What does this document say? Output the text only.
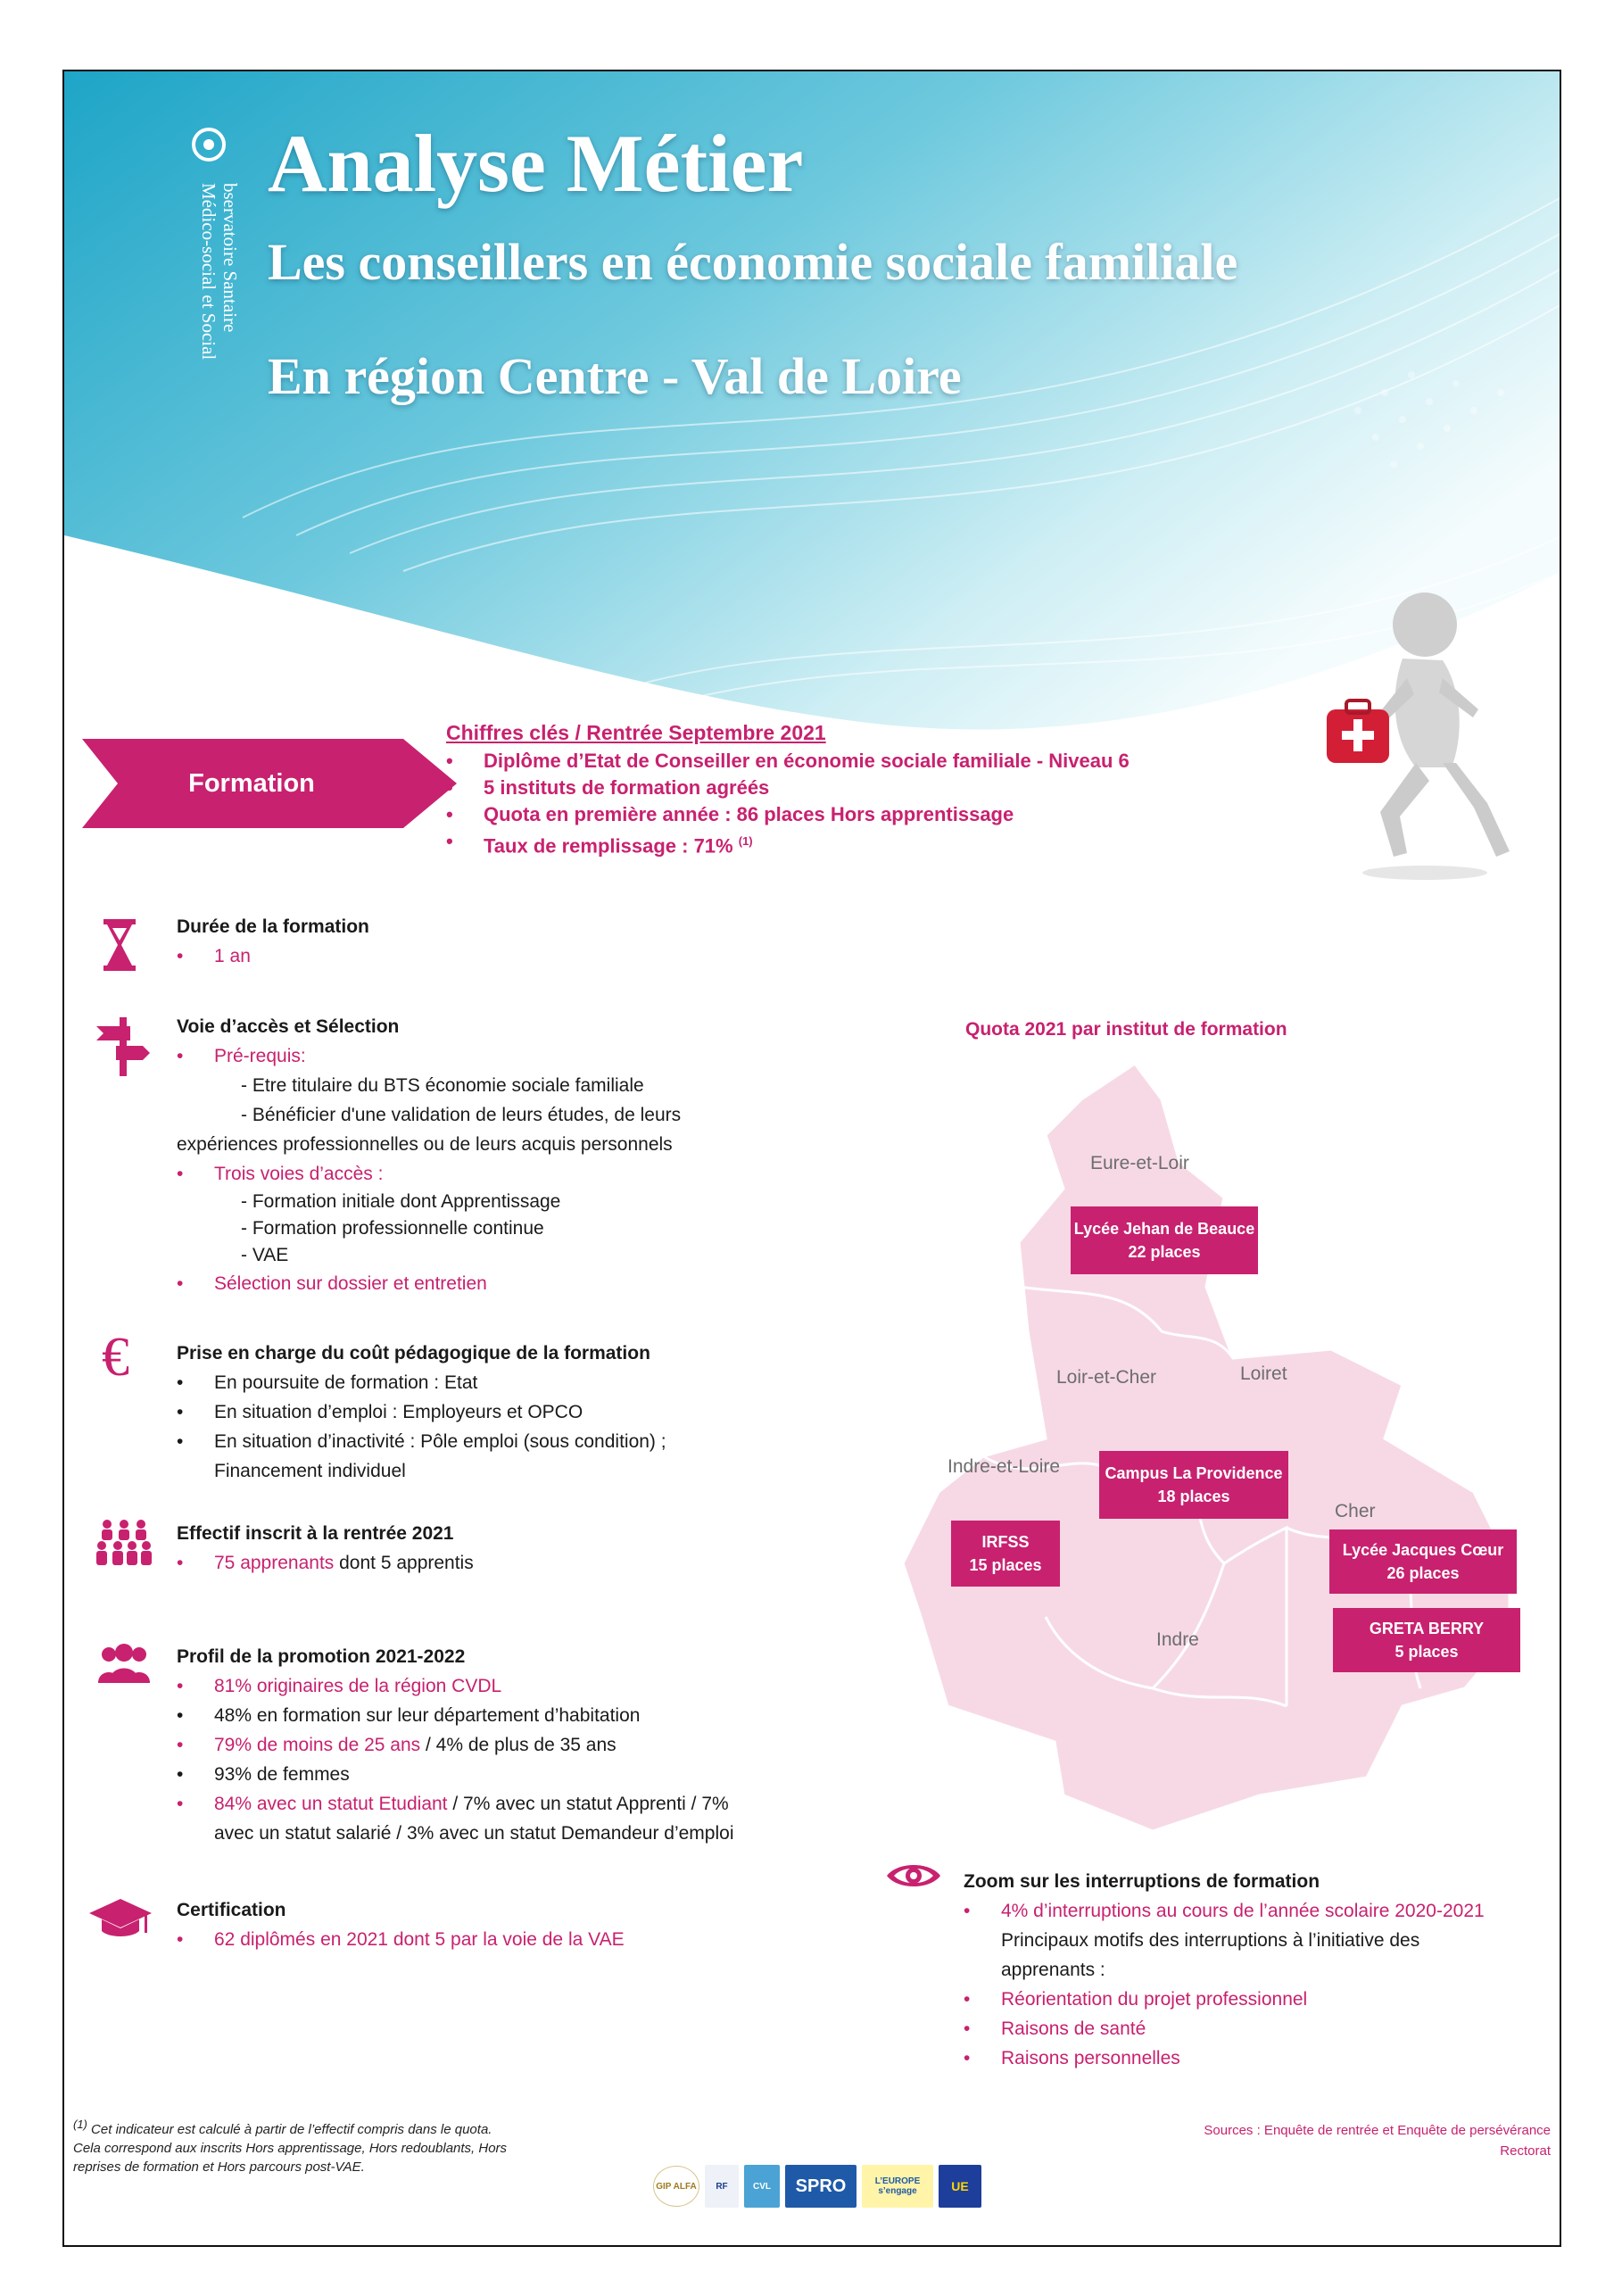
bservatoire Santaire
Médico-social et Social
Analyse Métier
Les conseillers en économie sociale familiale
En région Centre - Val de Loire
Formation
Chiffres clés / Rentrée Septembre 2021
• Diplôme d’Etat de Conseiller en économie sociale familiale - Niveau 6
• 5 instituts de formation agréés
• Quota en première année : 86 places Hors apprentissage
• Taux de remplissage : 71% $^{(1)}$
€
Durée de la formation
• 1 an
Voie d’accès et Sélection
• Pré-requis:
- Etre titulaire du BTS économie sociale familiale
- Bénéficier d'une validation de leurs études, de leurs
expériences professionnelles ou de leurs acquis personnels
• Trois voies d’accès :
- Formation initiale dont Apprentissage
- Formation professionnelle continue
- VAE
• Sélection sur dossier et entretien
Prise en charge du coût pédagogique de la formation
• En poursuite de formation : Etat
• En situation d’emploi : Employeurs et OPCO
• En situation d’inactivité : Pôle emploi (sous condition) ;
Financement individuel
Effectif inscrit à la rentrée 2021
• 75 apprenants dont 5 apprentis
Profil de la promotion 2021-2022
• 81% originaires de la région CVDL
• 48% en formation sur leur département d’habitation
• 79% de moins de 25 ans / 4% de plus de 35 ans
• 93% de femmes
• 84% avec un statut Etudiant / 7% avec un statut Apprenti / 7%
avec un statut salarié / 3% avec un statut Demandeur d’emploi
Certification
• 62 diplômés en 2021 dont 5 par la voie de la VAE
Quota 2021 par institut de formation
Eure-et-Loir
Loir-et-Cher	Loiret
Indre-et-Loire
Cher
Indre
Lycée Jehan de Beauce
22 places
Campus La Providence
18 places
IRFSS
15 places
Lycée Jacques Cœur
26 places
GRETA BERRY
5 places
Zoom sur les interruptions de formation
• 4% d’interruptions au cours de l’année scolaire 2020-2021
Principaux motifs des interruptions à l’initiative des
apprenants :
• Réorientation du projet professionnel
• Raisons de santé
• Raisons personnelles
$^{(1)}$ Cet indicateur est calculé à partir de l’effectif compris dans le quota.
Cela correspond aux inscrits Hors apprentissage, Hors redoublants, Hors
reprises de formation et Hors parcours post-VAE.
Sources : Enquête de rentrée et Enquête de persévérance
Rectorat
GIP ALFA	RF	CVL	SPRO	L’EUROPE s’engage	UE
